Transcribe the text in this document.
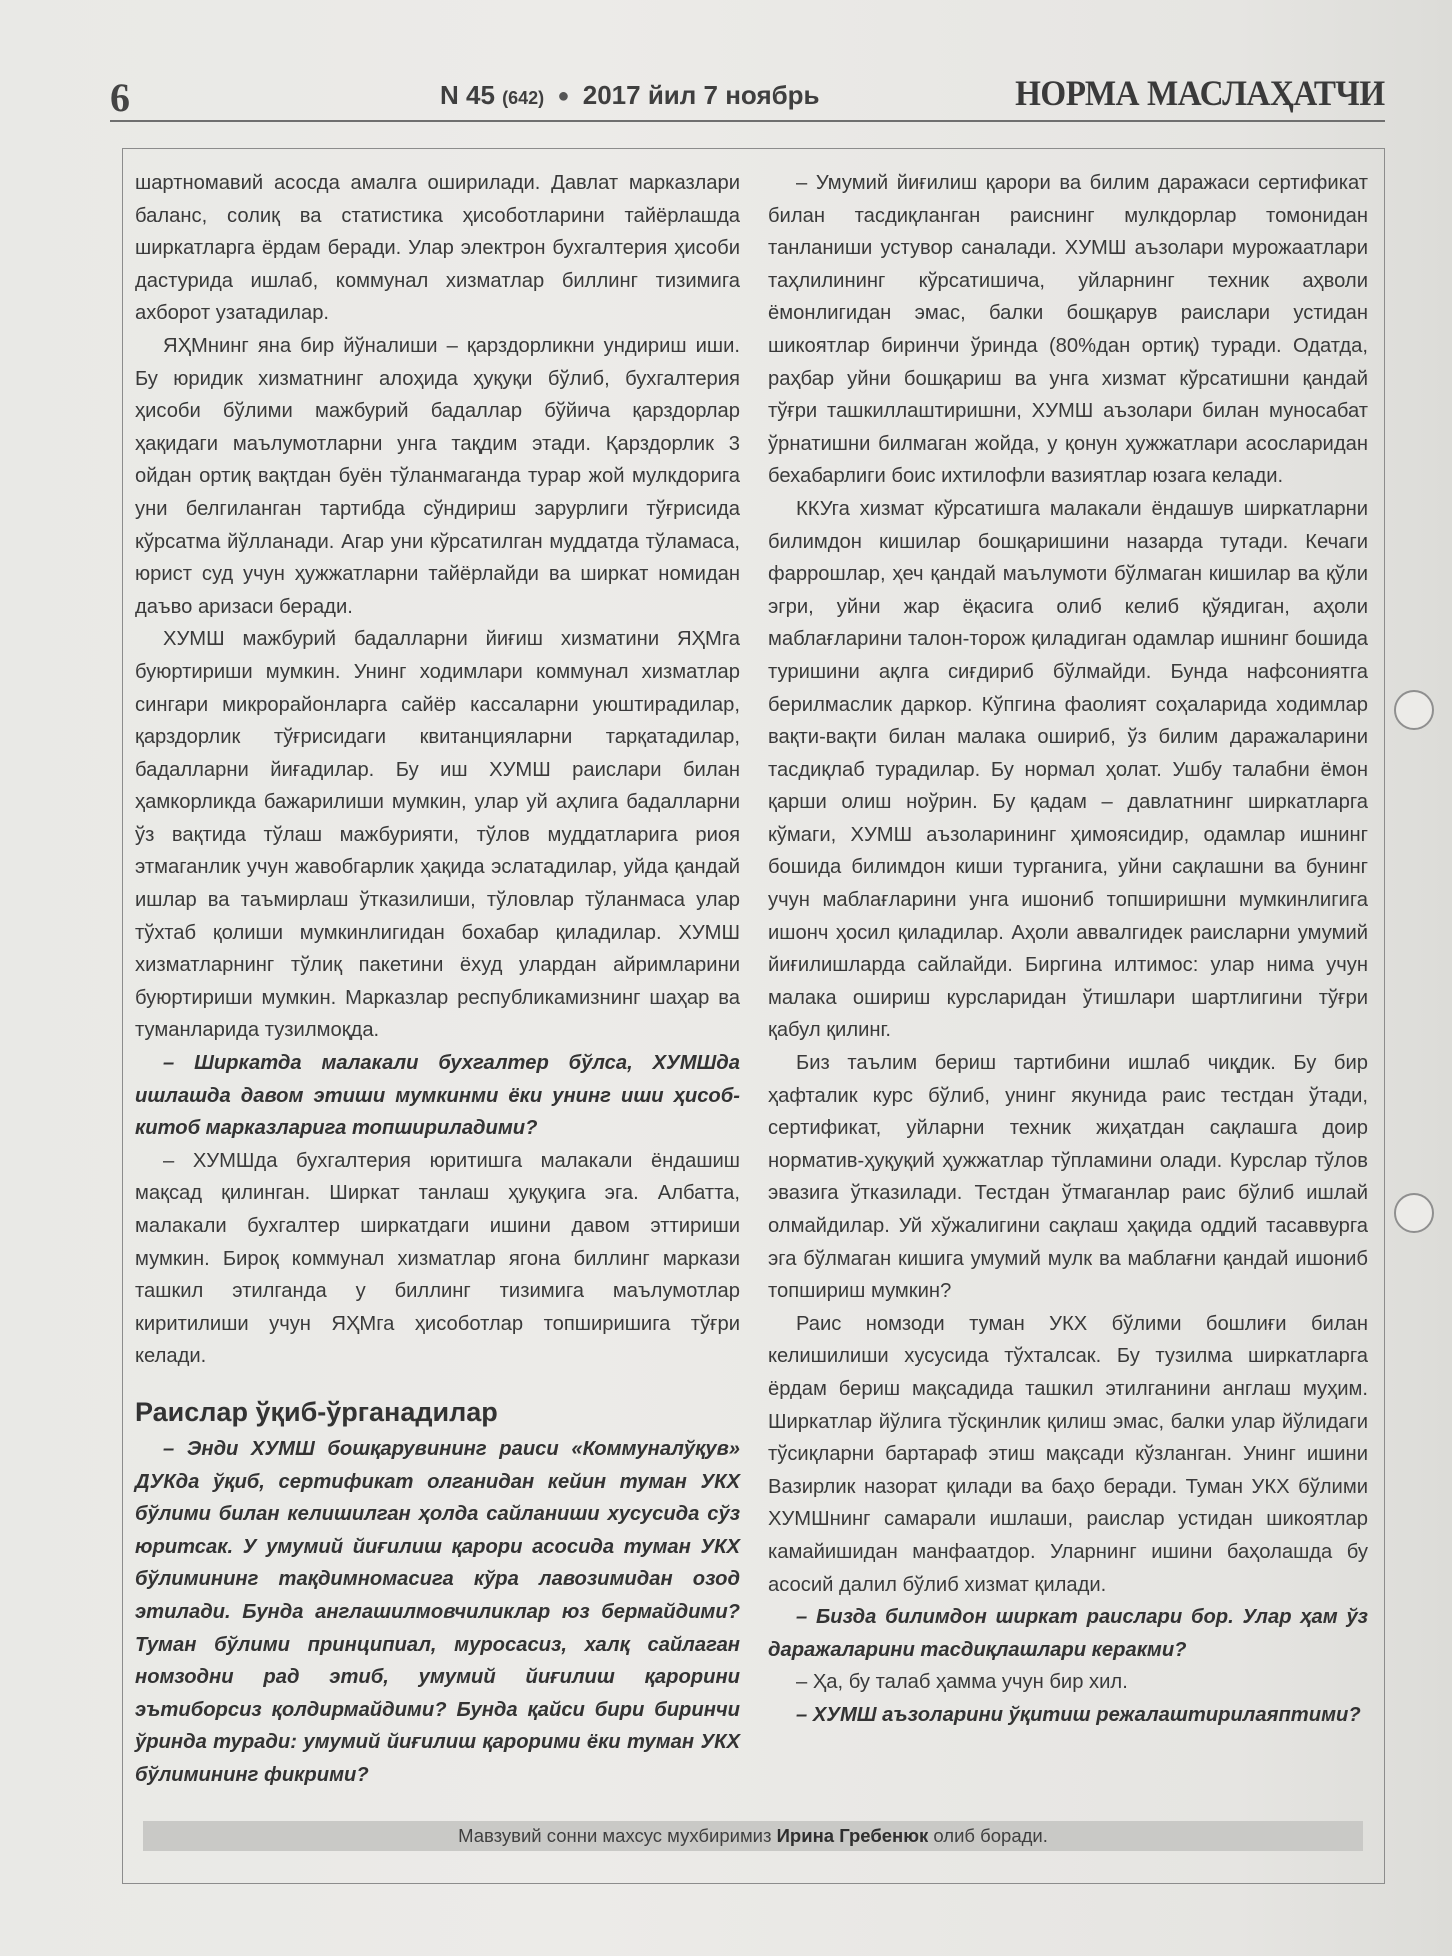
6	N 45 (642) ● 2017 йил 7 ноябрь	НОРМА МАСЛАҲАТЧИ

шартномавий асосда амалга оширилади. Давлат марказлари баланс, солиқ ва статистика ҳисоботларини тайёрлашда ширкатларга ёрдам беради. Улар электрон бухгалтерия ҳисоби дастурида ишлаб, коммунал хизматлар биллинг тизимига ахборот узатадилар.

ЯҲМнинг яна бир йўналиши – қарздорликни ундириш иши. Бу юридик хизматнинг алоҳида ҳуқуқи бўлиб, бухгалтерия ҳисоби бўлими мажбурий бадаллар бўйича қарздорлар ҳақидаги маълумотларни унга тақдим этади. Қарздорлик 3 ойдан ортиқ вақтдан буён тўланмаганда турар жой мулкдорига уни белгиланган тартибда сўндириш зарурлиги тўғрисида кўрсатма йўлланади. Агар уни кўрсатилган муддатда тўламаса, юрист суд учун ҳужжатларни тайёрлайди ва ширкат номидан даъво аризаси беради.

ХУМШ мажбурий бадалларни йиғиш хизматини ЯҲМга буюртириши мумкин. Унинг ходимлари коммунал хизматлар сингари микрорайонларга сайёр кассаларни уюштирадилар, қарздорлик тўғрисидаги квитанцияларни тарқатадилар, бадалларни йиғадилар. Бу иш ХУМШ раислари билан ҳамкорликда бажарилиши мумкин, улар уй аҳлига бадалларни ўз вақтида тўлаш мажбурияти, тўлов муддатларига риоя этмаганлик учун жавобгарлик ҳақида эслатадилар, уйда қандай ишлар ва таъмирлаш ўтказилиши, тўловлар тўланмаса улар тўхтаб қолиши мумкинлигидан бохабар қиладилар. ХУМШ хизматларнинг тўлиқ пакетини ёхуд улардан айримларини буюртириши мумкин. Марказлар республикамизнинг шаҳар ва туманларида тузилмоқда.

– Ширкатда малакали бухгалтер бўлса, ХУМШда ишлашда давом этиши мумкинми ёки унинг иши ҳисоб-китоб марказларига топшириладими?

– ХУМШда бухгалтерия юритишга малакали ёндашиш мақсад қилинган. Ширкат танлаш ҳуқуқига эга. Албатта, малакали бухгалтер ширкатдаги ишини давом эттириши мумкин. Бироқ коммунал хизматлар ягона биллинг маркази ташкил этилганда у биллинг тизимига маълумотлар киритилиши учун ЯҲМга ҳисоботлар топширишига тўғри келади.

Раислар ўқиб-ўрганадилар

– Энди ХУМШ бошқарувининг раиси «Коммуналўқув» ДУКда ўқиб, сертификат олганидан кейин туман УКХ бўлими билан келишилган ҳолда сайланиши хусусида сўз юритсак. У умумий йиғилиш қарори асосида туман УКХ бўлимининг тақдимномасига кўра лавозимидан озод этилади. Бунда англашилмовчиликлар юз бермайдими? Туман бўлими принципиал, муросасиз, халқ сайлаган номзодни рад этиб, умумий йиғилиш қарорини эътиборсиз қолдирмайдими? Бунда қайси бири биринчи ўринда туради: умумий йиғилиш қарорими ёки туман УКХ бўлимининг фикрими?

– Умумий йиғилиш қарори ва билим даражаси сертификат билан тасдиқланган раиснинг мулкдорлар томонидан танланиши устувор саналади. ХУМШ аъзолари мурожаатлари таҳлилининг кўрсатишича, уйларнинг техник аҳволи ёмонлигидан эмас, балки бошқарув раислари устидан шикоятлар биринчи ўринда (80%дан ортиқ) туради. Одатда, раҳбар уйни бошқариш ва унга хизмат кўрсатишни қандай тўғри ташкиллаштиришни, ХУМШ аъзолари билан муносабат ўрнатишни билмаган жойда, у қонун ҳужжатлари асосларидан бехабарлиги боис ихтилофли вазиятлар юзага келади.

ККУга хизмат кўрсатишга малакали ёндашув ширкатларни билимдон кишилар бошқаришини назарда тутади. Кечаги фаррошлар, ҳеч қандай маълумоти бўлмаган кишилар ва қўли эгри, уйни жар ёқасига олиб келиб қўядиган, аҳоли маблағларини талон-торож қиладиган одамлар ишнинг бошида туришини ақлга сиғдириб бўлмайди. Бунда нафсониятга берилмаслик даркор. Кўпгина фаолият соҳаларида ходимлар вақти-вақти билан малака ошириб, ўз билим даражаларини тасдиқлаб турадилар. Бу нормал ҳолат. Ушбу талабни ёмон қарши олиш ноўрин. Бу қадам – давлатнинг ширкатларга кўмаги, ХУМШ аъзоларининг ҳимоясидир, одамлар ишнинг бошида билимдон киши турганига, уйни сақлашни ва бунинг учун маблағларини унга ишониб топширишни мумкинлигига ишонч ҳосил қиладилар. Аҳоли аввалгидек раисларни умумий йиғилишларда сайлайди. Биргина илтимос: улар нима учун малака ошириш курсларидан ўтишлари шартлигини тўғри қабул қилинг.

Биз таълим бериш тартибини ишлаб чиқдик. Бу бир ҳафталик курс бўлиб, унинг якунида раис тестдан ўтади, сертификат, уйларни техник жиҳатдан сақлашга доир норматив-ҳуқуқий ҳужжатлар тўпламини олади. Курслар тўлов эвазига ўтказилади. Тестдан ўтмаганлар раис бўлиб ишлай олмайдилар. Уй хўжалигини сақлаш ҳақида оддий тасаввурга эга бўлмаган кишига умумий мулк ва маблағни қандай ишониб топшириш мумкин?

Раис номзоди туман УКХ бўлими бошлиғи билан келишилиши хусусида тўхталсак. Бу тузилма ширкатларга ёрдам бериш мақсадида ташкил этилганини англаш муҳим. Ширкатлар йўлига тўсқинлик қилиш эмас, балки улар йўлидаги тўсиқларни бартараф этиш мақсади кўзланган. Унинг ишини Вазирлик назорат қилади ва баҳо беради. Туман УКХ бўлими ХУМШнинг самарали ишлаши, раислар устидан шикоятлар камайишидан манфаатдор. Уларнинг ишини баҳолашда бу асосий далил бўлиб хизмат қилади.

– Бизда билимдон ширкат раислари бор. Улар ҳам ўз даражаларини тасдиқлашлари керакми?

– Ҳа, бу талаб ҳамма учун бир хил.

– ХУМШ аъзоларини ўқитиш режалаштирилаяптими?

Мавзувий сонни махсус мухбиримиз Ирина Гребенюк олиб боради.
